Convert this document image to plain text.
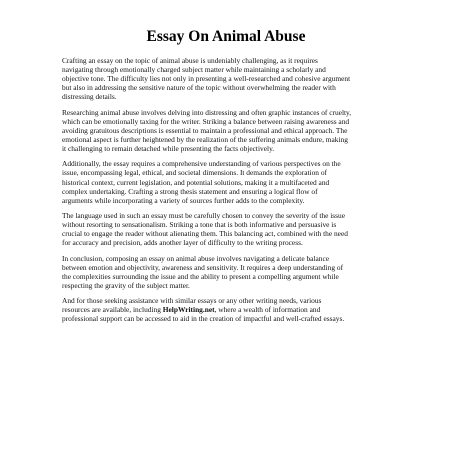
Essay On Animal Abuse

Crafting an essay on the topic of animal abuse is undeniably challenging, as it requires
navigating through emotionally charged subject matter while maintaining a scholarly and
objective tone. The difficulty lies not only in presenting a well-researched and cohesive argument
but also in addressing the sensitive nature of the topic without overwhelming the reader with
distressing details.

Researching animal abuse involves delving into distressing and often graphic instances of cruelty,
which can be emotionally taxing for the writer. Striking a balance between raising awareness and
avoiding gratuitous descriptions is essential to maintain a professional and ethical approach. The
emotional aspect is further heightened by the realization of the suffering animals endure, making
it challenging to remain detached while presenting the facts objectively.

Additionally, the essay requires a comprehensive understanding of various perspectives on the
issue, encompassing legal, ethical, and societal dimensions. It demands the exploration of
historical context, current legislation, and potential solutions, making it a multifaceted and
complex undertaking. Crafting a strong thesis statement and ensuring a logical flow of
arguments while incorporating a variety of sources further adds to the complexity.

The language used in such an essay must be carefully chosen to convey the severity of the issue
without resorting to sensationalism. Striking a tone that is both informative and persuasive is
crucial to engage the reader without alienating them. This balancing act, combined with the need
for accuracy and precision, adds another layer of difficulty to the writing process.

In conclusion, composing an essay on animal abuse involves navigating a delicate balance
between emotion and objectivity, awareness and sensitivity. It requires a deep understanding of
the complexities surrounding the issue and the ability to present a compelling argument while
respecting the gravity of the subject matter.

And for those seeking assistance with similar essays or any other writing needs, various
resources are available, including HelpWriting.net, where a wealth of information and
professional support can be accessed to aid in the creation of impactful and well-crafted essays.
